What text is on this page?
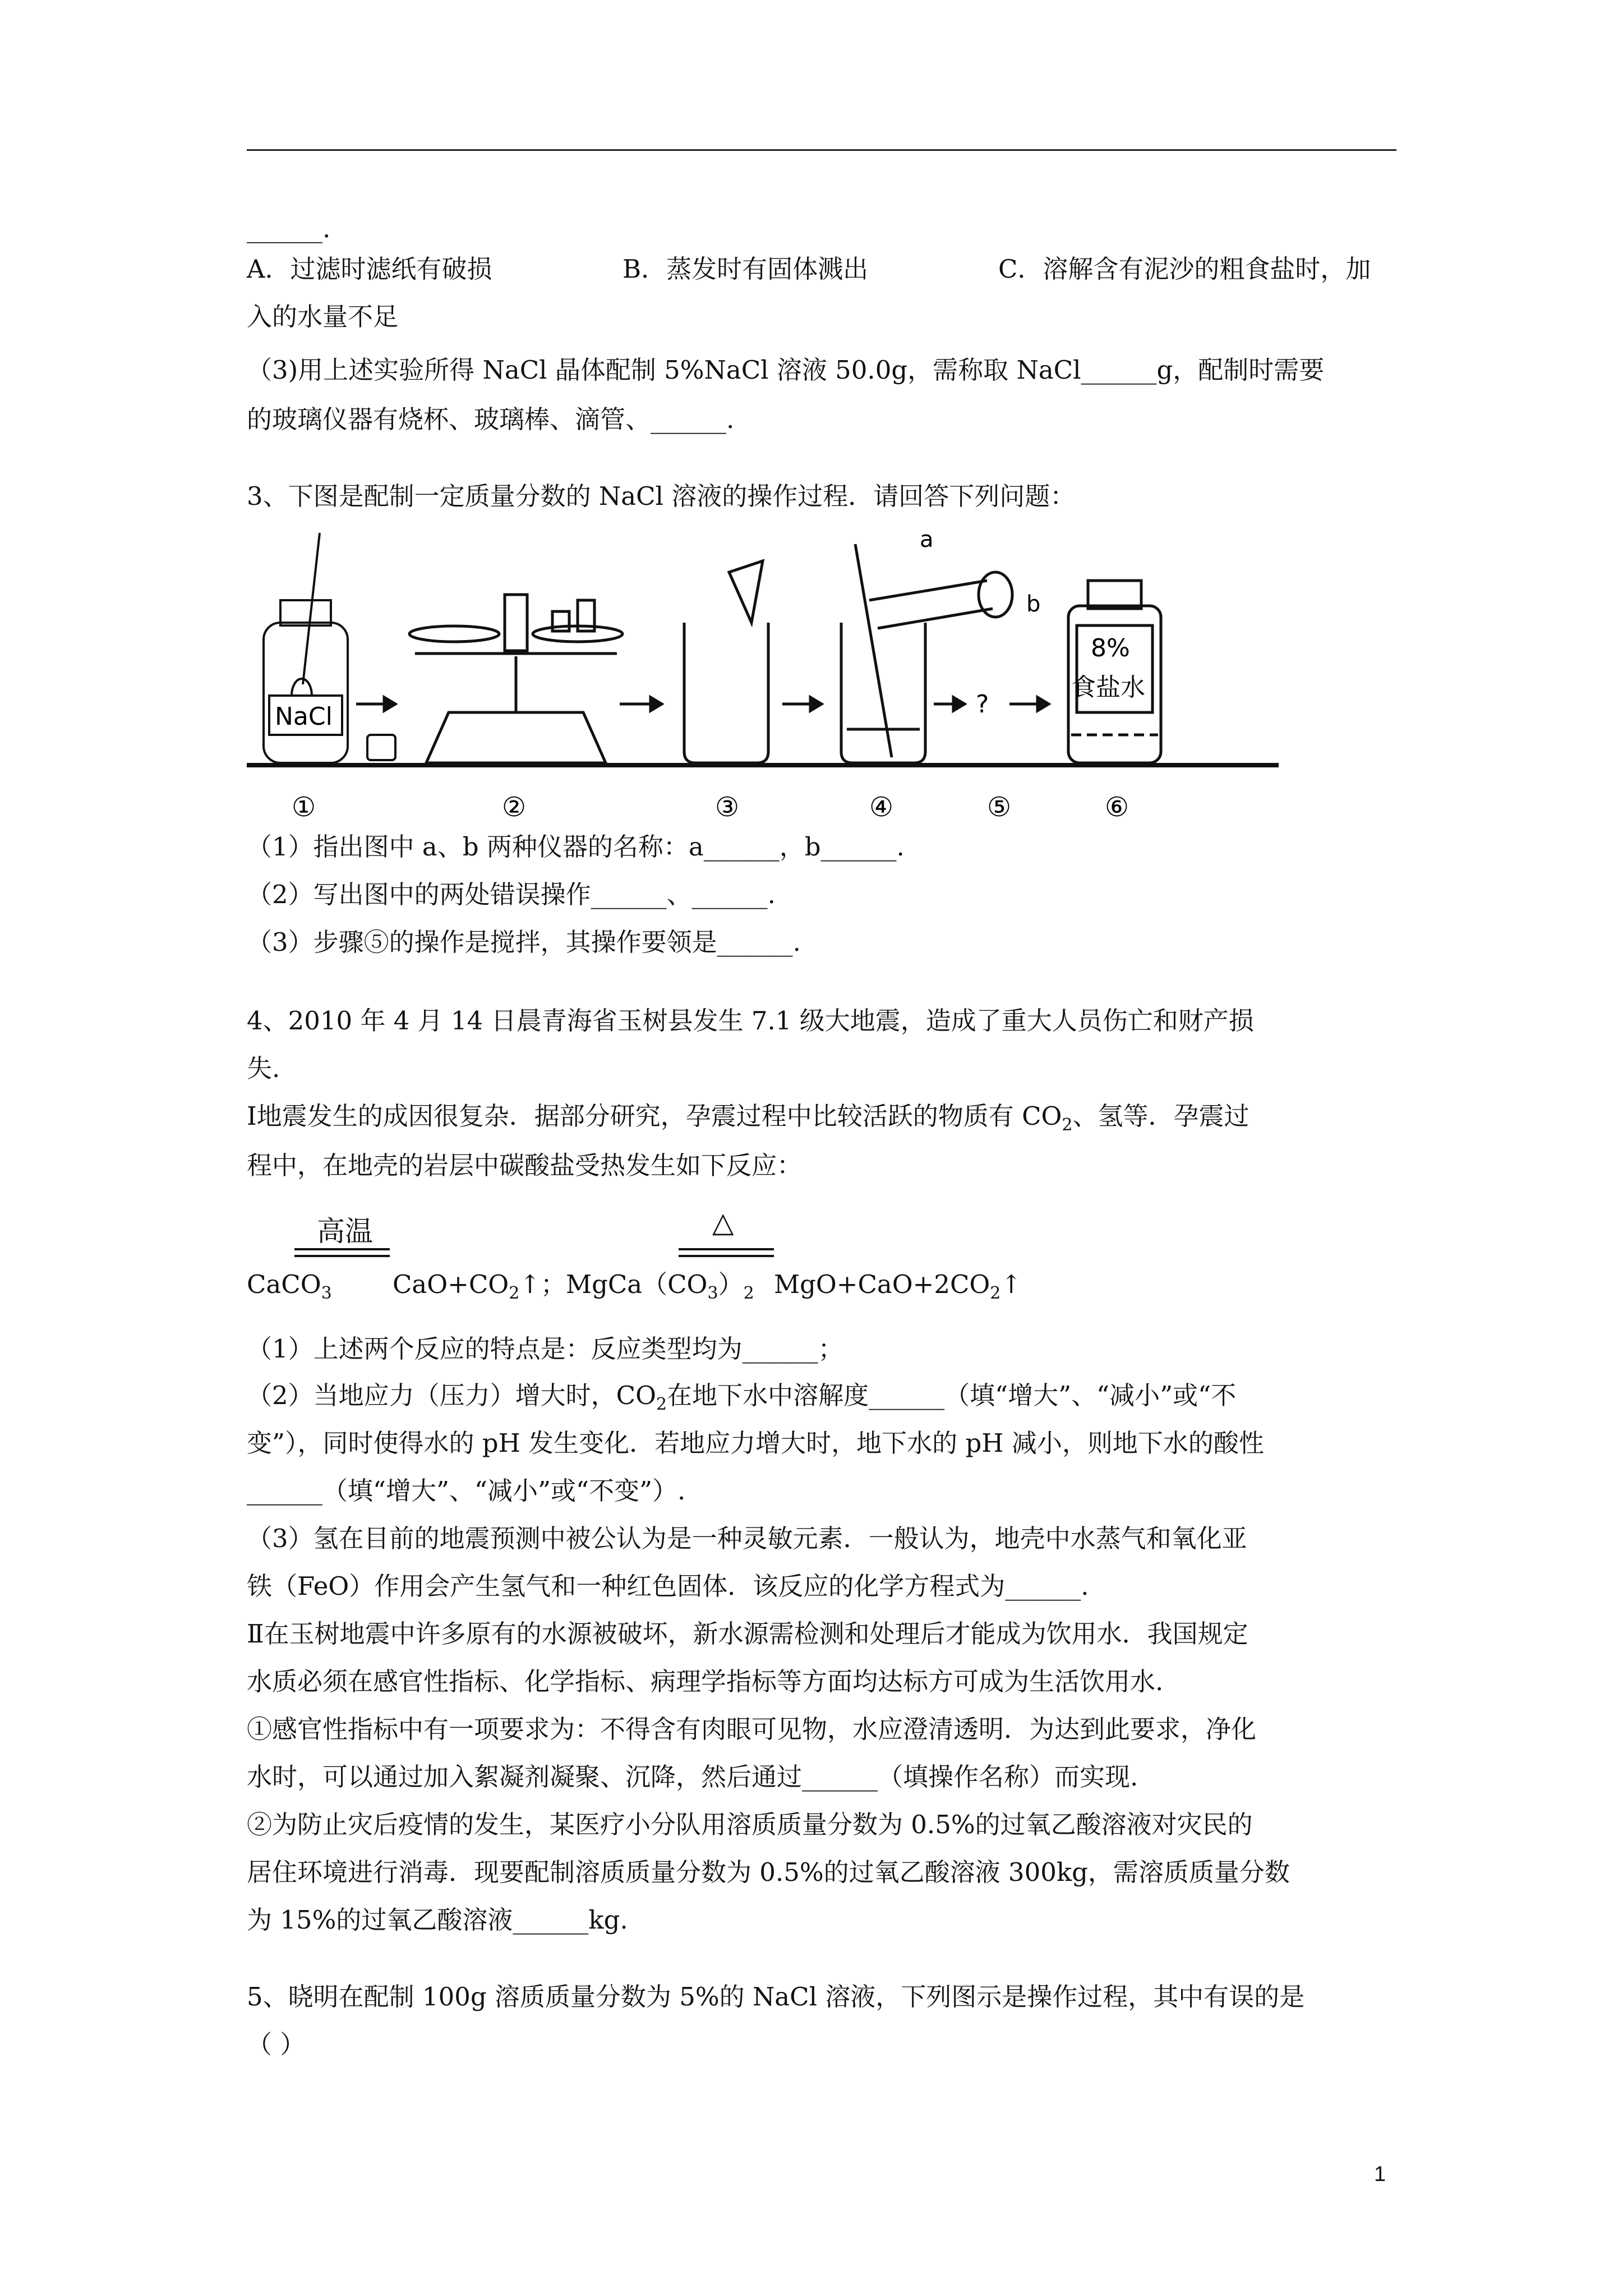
______.
A．过滤时滤纸有破损	B．蒸发时有固体溅出	C．溶解含有泥沙的粗食盐时，加
入的水量不足
（3)用上述实验所得 NaCl 晶体配制 5%NaCl 溶液 50.0g，需称取 NaCl______g，配制时需要
的玻璃仪器有烧杯、玻璃棒、滴管、______.
3、下图是配制一定质量分数的 NaCl 溶液的操作过程．请回答下列问题：
NaCl
a
?
b
8%
食盐水
①	②	③	④	⑤	⑥
（1）指出图中 a、b 两种仪器的名称：a______，b______.
（2）写出图中的两处错误操作______、______.
（3）步骤⑤的操作是搅拌，其操作要领是______.
4、2010 年 4 月 14 日晨青海省玉树县发生 7.1 级大地震，造成了重大人员伤亡和财产损
失.
Ⅰ地震发生的成因很复杂．据部分研究，孕震过程中比较活跃的物质有 $CO_2$、氢等．孕震过
程中，在地壳的岩层中碳酸盐受热发生如下反应：
高温	△
CaCO$_3$ $CaO+CO_2↑$；$MgCa(CO_3)_2$ $MgO+CaO+2CO_2↑$
（1）上述两个反应的特点是：反应类型均为______；
（2）当地应力（压力）增大时，$CO_2$在地下水中溶解度______（填“增大”、“减小”或“不
变”），同时使得水的 pH 发生变化．若地应力增大时，地下水的 pH 减小，则地下水的酸性
______（填“增大”、“减小”或“不变”）.
（3）氢在目前的地震预测中被公认为是一种灵敏元素．一般认为，地壳中水蒸气和氧化亚
铁（FeO）作用会产生氢气和一种红色固体．该反应的化学方程式为______.
Ⅱ在玉树地震中许多原有的水源被破坏，新水源需检测和处理后才能成为饮用水．我国规定
水质必须在感官性指标、化学指标、病理学指标等方面均达标方可成为生活饮用水.
①感官性指标中有一项要求为：不得含有肉眼可见物，水应澄清透明．为达到此要求，净化
水时，可以通过加入絮凝剂凝聚、沉降，然后通过______（填操作名称）而实现.
②为防止灾后疫情的发生，某医疗小分队用溶质质量分数为 0.5%的过氧乙酸溶液对灾民的
居住环境进行消毒．现要配制溶质质量分数为 0.5%的过氧乙酸溶液 300kg，需溶质质量分数
为 15%的过氧乙酸溶液______kg.
5、晓明在配制 100g 溶质质量分数为 5%的 NaCl 溶液，下列图示是操作过程，其中有误的是
（ ）
1
